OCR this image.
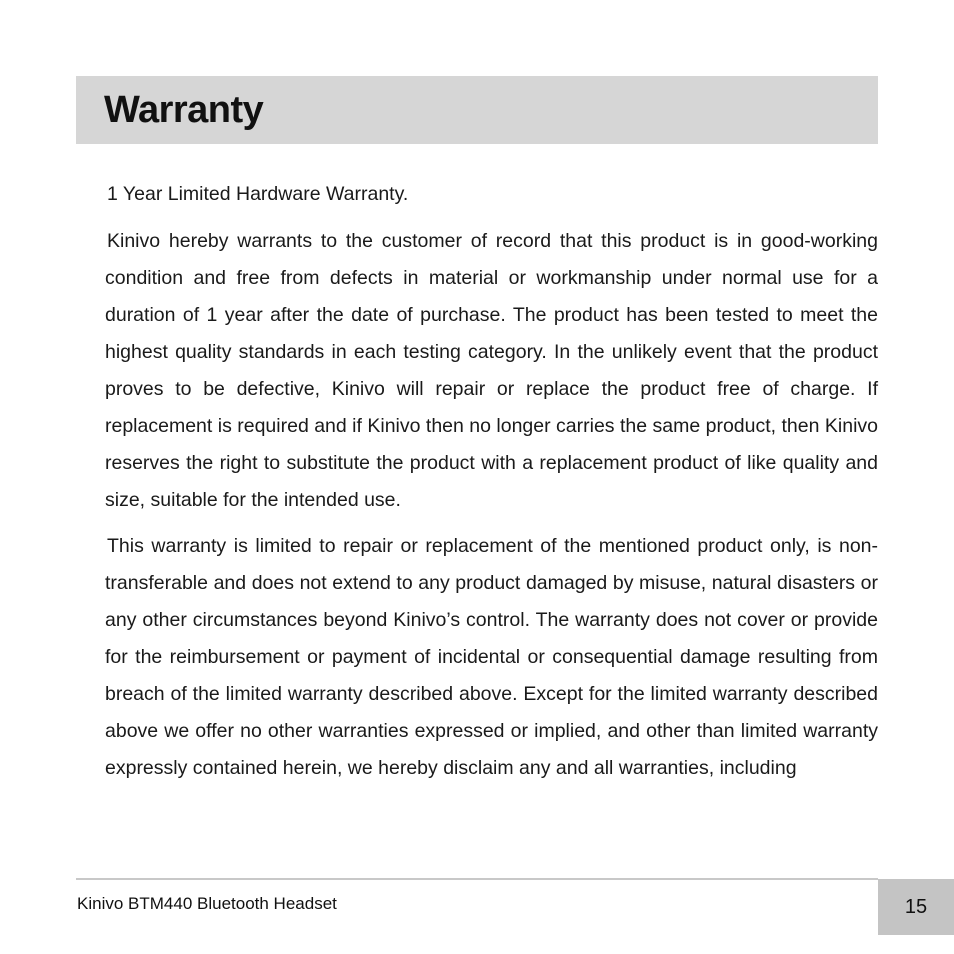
Warranty

1 Year Limited Hardware Warranty.

Kinivo hereby warrants to the customer of record that this product is in good-working condition and free from defects in material or workmanship under normal use for a duration of 1 year after the date of purchase. The product has been tested to meet the highest quality standards in each testing category. In the unlikely event that the product proves to be defective, Kinivo will repair or replace the product free of charge. If replacement is required and if Kinivo then no longer carries the same product, then Kinivo reserves the right to substitute the product with a replacement product of like quality and size, suitable for the intended use.

This warranty is limited to repair or replacement of the mentioned product only, is non-transferable and does not extend to any product damaged by misuse, natural disasters or any other circumstances beyond Kinivo’s control. The warranty does not cover or provide for the reimbursement or payment of incidental or consequential damage resulting from breach of the limited warranty described above. Except for the limited warranty described above we offer no other warranties expressed or implied, and other than limited warranty expressly contained herein, we hereby disclaim any and all warranties, including

Kinivo BTM440 Bluetooth Headset	15
